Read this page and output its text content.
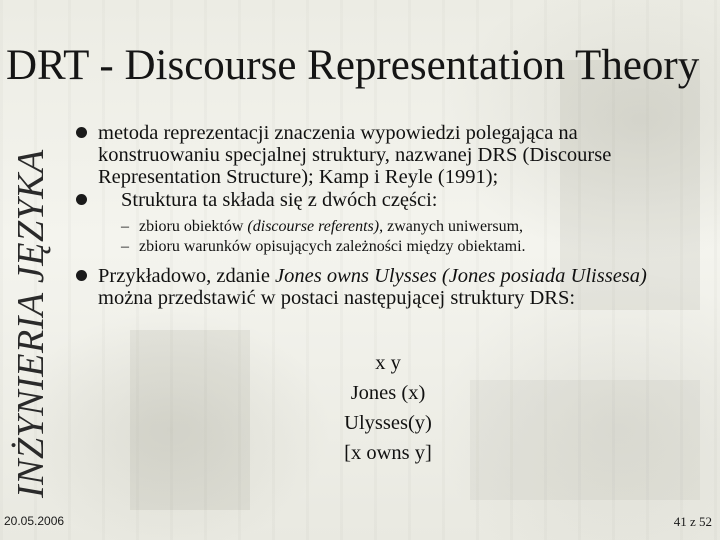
INŻYNIERIA JĘZYKA
DRT - Discourse Representation Theory
metoda reprezentacji znaczenia wypowiedzi polegająca na konstruowaniu specjalnej struktury, nazwanej DRS (Discourse Representation Structure); Kamp i Reyle (1991);
Struktura ta składa się z dwóch części:
– zbioru obiektów (discourse referents), zwanych uniwersum,
– zbioru warunków opisujących zależności między obiektami.
Przykładowo, zdanie Jones owns Ulysses (Jones posiada Ulissesa) można przedstawić w postaci następującej struktury DRS:
x y
Jones (x)
Ulysses(y)
[x owns y]
20.05.2006	41 z 52
